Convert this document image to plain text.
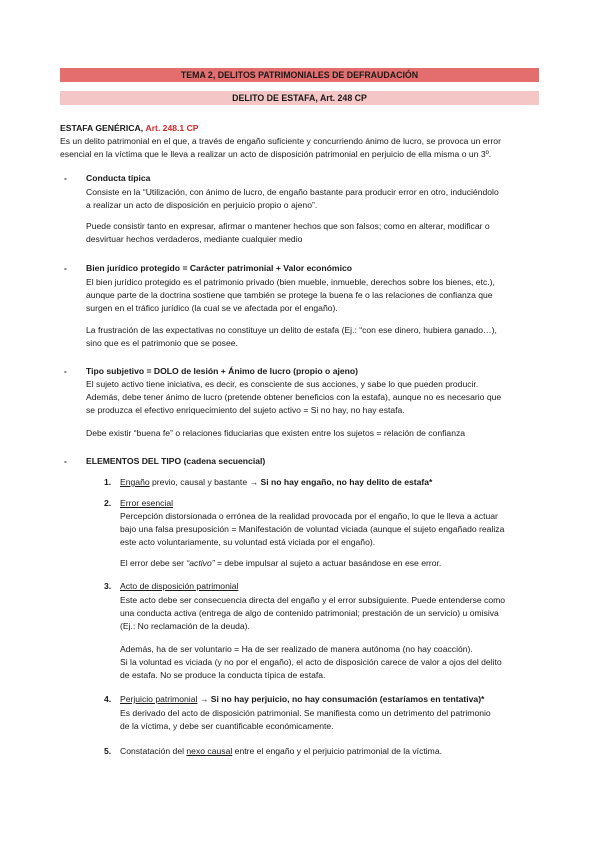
TEMA 2, DELITOS PATRIMONIALES DE DEFRAUDACIÓN
DELITO DE ESTAFA, Art. 248 CP
ESTAFA GENÉRICA, Art. 248.1 CP
Es un delito patrimonial en el que, a través de engaño suficiente y concurriendo ánimo de lucro, se provoca un error
esencial en la víctima que le lleva a realizar un acto de disposición patrimonial en perjuicio de ella misma o un 3º.
-	Conducta típica
Consiste en la “Utilización, con ánimo de lucro, de engaño bastante para producir error en otro, induciéndolo
a realizar un acto de disposición en perjuicio propio o ajeno”.
Puede consistir tanto en expresar, afirmar o mantener hechos que son falsos; como en alterar, modificar o
desvirtuar hechos verdaderos, mediante cualquier medio
-	Bien jurídico protegido = Carácter patrimonial + Valor económico
El bien jurídico protegido es el patrimonio privado (bien mueble, inmueble, derechos sobre los bienes, etc.),
aunque parte de la doctrina sostiene que también se protege la buena fe o las relaciones de confianza que
surgen en el tráfico jurídico (la cual se ve afectada por el engaño).
La frustración de las expectativas no constituye un delito de estafa (Ej.: “con ese dinero, hubiera ganado…),
sino que es el patrimonio que se posee.
-	Tipo subjetivo = DOLO de lesión + Ánimo de lucro (propio o ajeno)
El sujeto activo tiene iniciativa, es decir, es consciente de sus acciones, y sabe lo que pueden producir.
Además, debe tener ánimo de lucro (pretende obtener beneficios con la estafa), aunque no es necesario que
se produzca el efectivo enriquecimiento del sujeto activo = Si no hay, no hay estafa.
Debe existir “buena fe” o relaciones fiduciarias que existen entre los sujetos = relación de confianza
-	ELEMENTOS DEL TIPO (cadena secuencial)
1.	Engaño previo, causal y bastante → Si no hay engaño, no hay delito de estafa*
2.	Error esencial
Percepción distorsionada o errónea de la realidad provocada por el engaño, lo que le lleva a actuar
bajo una falsa presuposición = Manifestación de voluntad viciada (aunque el sujeto engañado realiza
este acto voluntariamente, su voluntad está viciada por el engaño).
El error debe ser “activo” = debe impulsar al sujeto a actuar basándose en ese error.
3.	Acto de disposición patrimonial
Este acto debe ser consecuencia directa del engaño y el error subsiguiente. Puede entenderse como
una conducta activa (entrega de algo de contenido patrimonial; prestación de un servicio) u omisiva
(Ej.: No reclamación de la deuda).
Además, ha de ser voluntario = Ha de ser realizado de manera autónoma (no hay coacción).
Si la voluntad es viciada (y no por el engaño), el acto de disposición carece de valor a ojos del delito
de estafa. No se produce la conducta típica de estafa.
4.	Perjuicio patrimonial → Si no hay perjuicio, no hay consumación (estaríamos en tentativa)*
Es derivado del acto de disposición patrimonial. Se manifiesta como un detrimento del patrimonio
de la víctima, y debe ser cuantificable económicamente.
5.	Constatación del nexo causal entre el engaño y el perjuicio patrimonial de la víctima.
